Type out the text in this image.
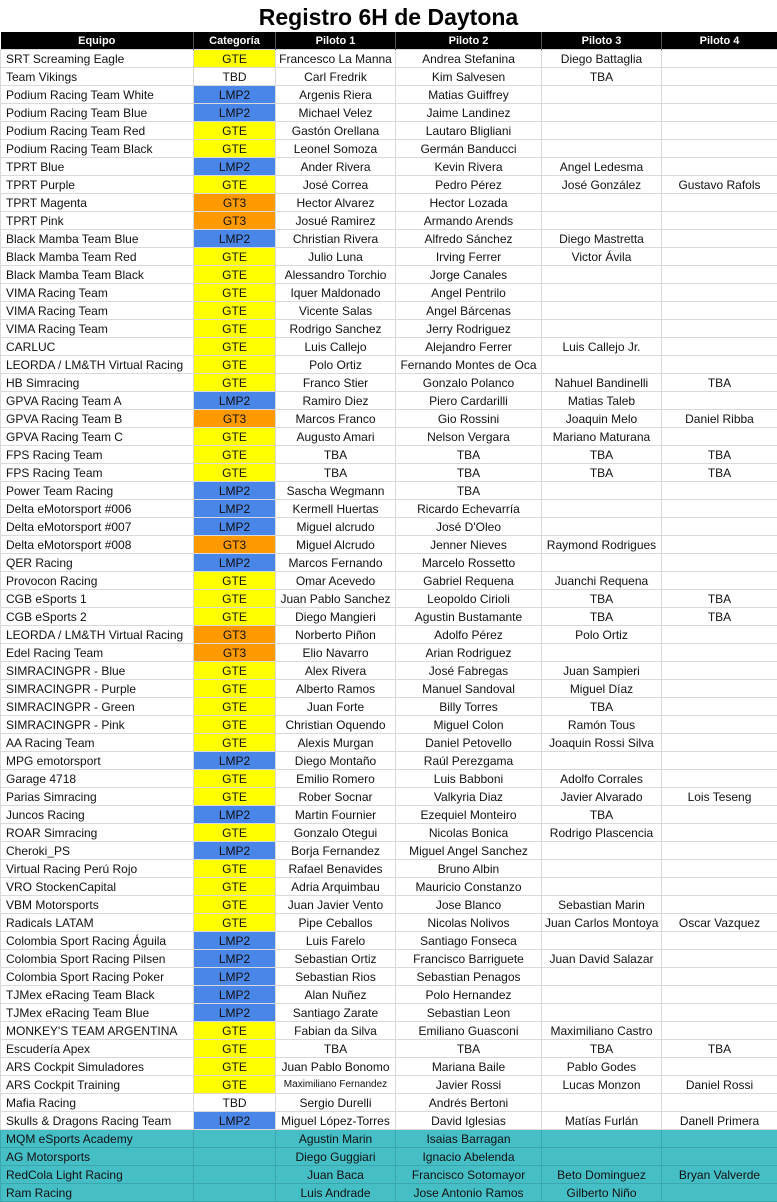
Registro 6H de Daytona
Equipo	Categoría	Piloto 1	Piloto 2	Piloto 3	Piloto 4
SRT Screaming Eagle	GTE	Francesco La Manna	Andrea Stefanina	Diego Battaglia	
Team Vikings	TBD	Carl Fredrik	Kim Salvesen	TBA	
Podium Racing Team White	LMP2	Argenis Riera	Matias Guiffrey		
Podium Racing Team Blue	LMP2	Michael Velez	Jaime Landinez		
Podium Racing Team Red	GTE	Gastón Orellana	Lautaro Bligliani		
Podium Racing Team Black	GTE	Leonel Somoza	Germán Banducci		
TPRT Blue	LMP2	Ander Rivera	Kevin Rivera	Angel Ledesma	
TPRT Purple	GTE	José Correa	Pedro Pérez	José González	Gustavo Rafols
TPRT Magenta	GT3	Hector Alvarez	Hector Lozada		
TPRT Pink	GT3	Josué Ramirez	Armando Arends		
Black Mamba Team Blue	LMP2	Christian Rivera	Alfredo Sánchez	Diego Mastretta	
Black Mamba Team Red	GTE	Julio Luna	Irving Ferrer	Victor Ávila	
Black Mamba Team Black	GTE	Alessandro Torchio	Jorge Canales		
VIMA Racing Team	GTE	Iquer Maldonado	Angel Pentrilo		
VIMA Racing Team	GTE	Vicente Salas	Angel Bárcenas		
VIMA Racing Team	GTE	Rodrigo Sanchez	Jerry Rodriguez		
CARLUC	GTE	Luis Callejo	Alejandro Ferrer	Luis Callejo Jr.	
LEORDA / LM&TH Virtual Racing	GTE	Polo Ortiz	Fernando Montes de Oca		
HB Simracing	GTE	Franco Stier	Gonzalo Polanco	Nahuel Bandinelli	TBA
GPVA Racing Team A	LMP2	Ramiro Diez	Piero Cardarilli	Matias Taleb	
GPVA Racing Team B	GT3	Marcos Franco	Gio Rossini	Joaquin Melo	Daniel Ribba
GPVA Racing Team C	GTE	Augusto Amari	Nelson Vergara	Mariano Maturana	
FPS Racing Team	GTE	TBA	TBA	TBA	TBA
FPS Racing Team	GTE	TBA	TBA	TBA	TBA
Power Team Racing	LMP2	Sascha Wegmann	TBA		
Delta eMotorsport #006	LMP2	Kermell Huertas	Ricardo Echevarría		
Delta eMotorsport #007	LMP2	Miguel alcrudo	José D'Oleo		
Delta eMotorsport #008	GT3	Miguel Alcrudo	Jenner Nieves	Raymond Rodrigues	
QER Racing	LMP2	Marcos Fernando	Marcelo Rossetto		
Provocon Racing	GTE	Omar Acevedo	Gabriel Requena	Juanchi Requena	
CGB eSports 1	GTE	Juan Pablo Sanchez	Leopoldo Cirioli	TBA	TBA
CGB eSports 2	GTE	Diego Mangieri	Agustin Bustamante	TBA	TBA
LEORDA / LM&TH Virtual Racing	GT3	Norberto Piñon	Adolfo Pérez	Polo Ortiz	
Edel Racing Team	GT3	Elio Navarro	Arian Rodriguez		
SIMRACINGPR - Blue	GTE	Alex Rivera	José Fabregas	Juan Sampieri	
SIMRACINGPR - Purple	GTE	Alberto Ramos	Manuel Sandoval	Miguel Díaz	
SIMRACINGPR - Green	GTE	Juan Forte	Billy Torres	TBA	
SIMRACINGPR - Pink	GTE	Christian Oquendo	Miguel Colon	Ramón Tous	
AA Racing Team	GTE	Alexis Murgan	Daniel Petovello	Joaquin Rossi Silva	
MPG emotorsport	LMP2	Diego Montaño	Raúl Perezgama		
Garage 4718	GTE	Emilio Romero	Luis Babboni	Adolfo Corrales	
Parias Simracing	GTE	Rober Socnar	Valkyria Diaz	Javier Alvarado	Lois Teseng
Juncos Racing	LMP2	Martin Fournier	Ezequiel Monteiro	TBA	
ROAR Simracing	GTE	Gonzalo Otegui	Nicolas Bonica	Rodrigo Plascencia	
Cheroki_PS	LMP2	Borja Fernandez	Miguel Angel Sanchez		
Virtual Racing Perú Rojo	GTE	Rafael Benavides	Bruno Albin		
VRO StockenCapital	GTE	Adria Arquimbau	Mauricio Constanzo		
VBM Motorsports	GTE	Juan Javier Vento	Jose Blanco	Sebastian Marin	
Radicals LATAM	GTE	Pipe Ceballos	Nicolas Nolivos	Juan Carlos Montoya	Oscar Vazquez
Colombia Sport Racing Águila	LMP2	Luis Farelo	Santiago Fonseca		
Colombia Sport Racing Pilsen	LMP2	Sebastian Ortiz	Francisco Barriguete	Juan David Salazar	
Colombia Sport Racing Poker	LMP2	Sebastian Rios	Sebastian Penagos		
TJMex eRacing Team Black	LMP2	Alan Nuñez	Polo Hernandez		
TJMex eRacing Team Blue	LMP2	Santiago Zarate	Sebastian Leon		
MONKEY'S TEAM ARGENTINA	GTE	Fabian da Silva	Emiliano Guasconi	Maximiliano Castro	
Escudería Apex	GTE	TBA	TBA	TBA	TBA
ARS Cockpit Simuladores	GTE	Juan Pablo Bonomo	Mariana Baile	Pablo Godes	
ARS Cockpit Training	GTE	Maximiliano Fernandez	Javier Rossi	Lucas Monzon	Daniel Rossi
Mafia Racing	TBD	Sergio Durelli	Andrés Bertoni		
Skulls & Dragons Racing Team	LMP2	Miguel López-Torres	David Iglesias	Matías Furlán	Danell Primera
MQM eSports Academy		Agustin Marin	Isaias Barragan		
AG Motorsports		Diego Guggiari	Ignacio Abelenda		
RedCola Light Racing		Juan Baca	Francisco Sotomayor	Beto Dominguez	Bryan Valverde
Ram Racing		Luis Andrade	Jose Antonio Ramos	Gilberto Niño	
